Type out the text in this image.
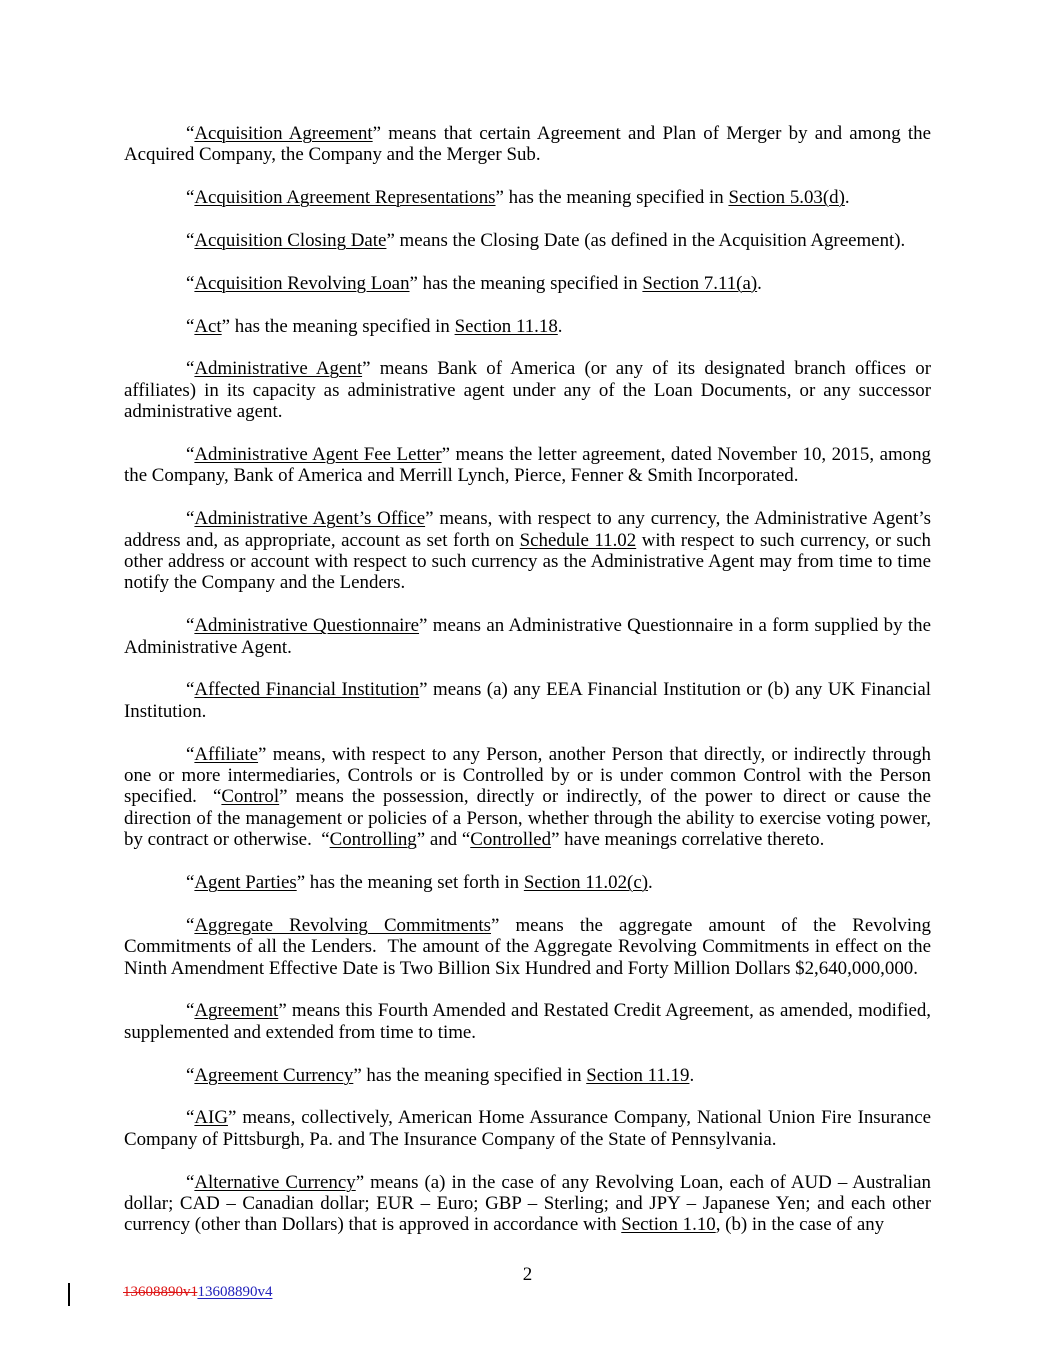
“Acquisition Agreement” means that certain Agreement and Plan of Merger by and among the Acquired Company, the Company and the Merger Sub.

“Acquisition Agreement Representations” has the meaning specified in Section 5.03(d).

“Acquisition Closing Date” means the Closing Date (as defined in the Acquisition Agreement).

“Acquisition Revolving Loan” has the meaning specified in Section 7.11(a).

“Act” has the meaning specified in Section 11.18.

“Administrative Agent” means Bank of America (or any of its designated branch offices or affiliates) in its capacity as administrative agent under any of the Loan Documents, or any successor administrative agent.

“Administrative Agent Fee Letter” means the letter agreement, dated November 10, 2015, among the Company, Bank of America and Merrill Lynch, Pierce, Fenner & Smith Incorporated.

“Administrative Agent’s Office” means, with respect to any currency, the Administrative Agent’s address and, as appropriate, account as set forth on Schedule 11.02 with respect to such currency, or such other address or account with respect to such currency as the Administrative Agent may from time to time notify the Company and the Lenders.

“Administrative Questionnaire” means an Administrative Questionnaire in a form supplied by the Administrative Agent.

“Affected Financial Institution” means (a) any EEA Financial Institution or (b) any UK Financial Institution.

“Affiliate” means, with respect to any Person, another Person that directly, or indirectly through one or more intermediaries, Controls or is Controlled by or is under common Control with the Person specified.  “Control” means the possession, directly or indirectly, of the power to direct or cause the direction of the management or policies of a Person, whether through the ability to exercise voting power, by contract or otherwise.  “Controlling” and “Controlled” have meanings correlative thereto.

“Agent Parties” has the meaning set forth in Section 11.02(c).

“Aggregate Revolving Commitments” means the aggregate amount of the Revolving Commitments of all the Lenders.  The amount of the Aggregate Revolving Commitments in effect on the Ninth Amendment Effective Date is Two Billion Six Hundred and Forty Million Dollars $2,640,000,000.

“Agreement” means this Fourth Amended and Restated Credit Agreement, as amended, modified, supplemented and extended from time to time.

“Agreement Currency” has the meaning specified in Section 11.19.

“AIG” means, collectively, American Home Assurance Company, National Union Fire Insurance Company of Pittsburgh, Pa. and The Insurance Company of the State of Pennsylvania.

“Alternative Currency” means (a) in the case of any Revolving Loan, each of AUD – Australian dollar; CAD – Canadian dollar; EUR – Euro; GBP – Sterling; and JPY – Japanese Yen; and each other currency (other than Dollars) that is approved in accordance with Section 1.10, (b) in the case of any

2
13608890v113608890v4
